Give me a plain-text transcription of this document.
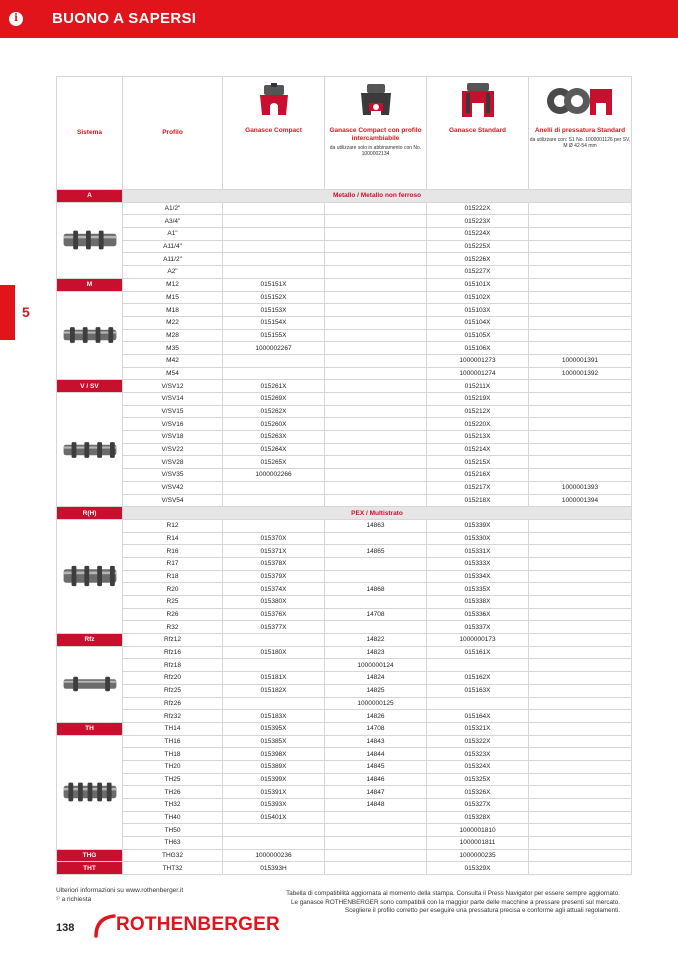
i	BUONO A SAPERSI
5
Sistema	Profilo	Ganasce Compact	Ganasce Compact con profilo intercambiabile
da utilizzare solo in abbinamento con No. 1000002134	Ganasce Standard	Anelli di pressatura Standard
da utilizzare con: S1 No. 1000001126 per SV, M Ø 42-54 mm

A	Metallo / Metallo non ferroso				

	A1/2"			015222X	
	A3/4"			015223X	
	A1"			015224X	
	A11/4"			015225X	
	A11/2"			015226X	
	A2"			015227X	
M	M12	015151X		015101X	

	M15	015152X		015102X	
	M18	015153X		015103X	
	M22	015154X		015104X	
	M28	015155X		015105X	
	M35	1000002267		015106X	
	M42			1000001273	1000001391
	M54			1000001274	1000001392
V / SV	V/SV12	015261X		015211X	

	V/SV14	015269X		015219X	
	V/SV15	015262X		015212X	
	V/SV16	015260X		015220X	
	V/SV18	015263X		015213X	
	V/SV22	015264X		015214X	
	V/SV28	015265X		015215X	
	V/SV35	1000002266		015216X	
	V/SV42			015217X	1000001393
	V/SV54			015218X	1000001394
R(H)	PEX / Multistrato				

	R12		14863	015339X	
	R14	015370X		015330X	
	R16	015371X	14865	015331X	
	R17	015378X		015333X	
	R18	015379X		015334X	
	R20	015374X	14868	015335X	
	R25	015380X		015338X	
	R26	015376X	14708	015336X	
	R32	015377X		015337X	
Rfz	Rfz12		14822	1000000173	

	Rfz16	015180X	14823	015161X	
	Rfz18		1000000124		
	Rfz20	015181X	14824	015162X	
	Rfz25	015182X	14825	015163X	
	Rfz26		1000000125		
	Rfz32	015183X	14826	015164X	
TH	TH14	015395X	14708	015321X	

	TH16	015385X	14843	015322X	
	TH18	015398X	14844	015323X	
	TH20	015389X	14845	015324X	
	TH25	015399X	14846	015325X	
	TH26	015391X	14847	015326X	
	TH32	015393X	14848	015327X	
	TH40	015401X		015328X	
	TH50			1000001810	
	TH63			1000001811	
THG	THG32	1000000236		1000000235	
THT	THT32	015393H		015329X	
Ulteriori informazioni su www.rothenberger.it
¹⁾ a richiesta
Tabella di compatibilità aggiornata al momento della stampa. Consulta il Press Navigator per essere sempre aggiornato.
Le ganasce ROTHENBERGER sono compatibili con la maggior parte delle macchine a pressare presenti sul mercato.
Scegliere il profilo corretto per eseguire una pressatura precisa e conforme agli attuali regolamenti.
138 ROTHENBERGER
